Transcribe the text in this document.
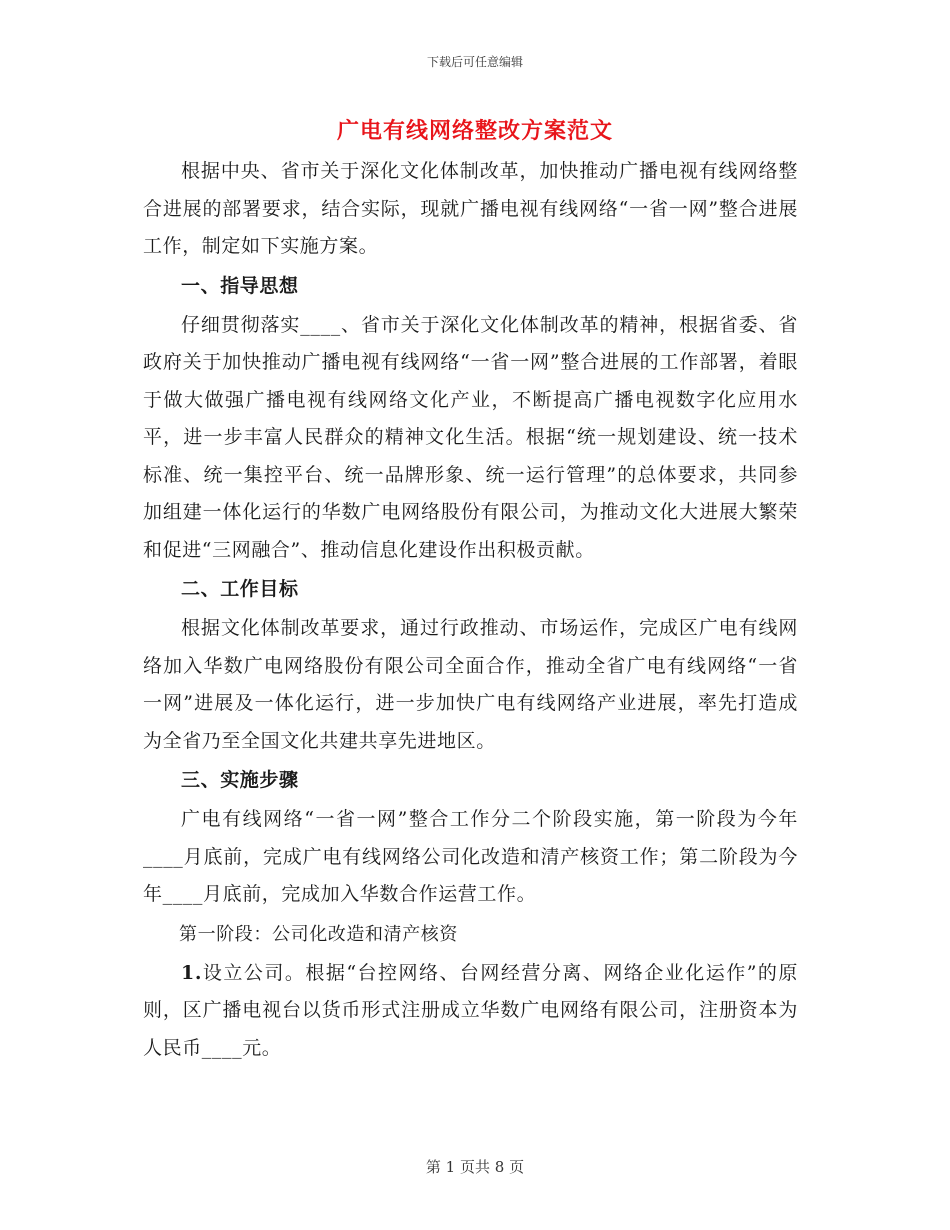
下载后可任意编辑
广电有线网络整改方案范文

根据中央、省市关于深化文化体制改革，加快推动广播电视有线网络整合进展的部署要求，结合实际，现就广播电视有线网络“一省一网”整合进展工作，制定如下实施方案。

一、指导思想

仔细贯彻落实____、省市关于深化文化体制改革的精神，根据省委、省政府关于加快推动广播电视有线网络“一省一网”整合进展的工作部署，着眼于做大做强广播电视有线网络文化产业，不断提高广播电视数字化应用水平，进一步丰富人民群众的精神文化生活。根据“统一规划建设、统一技术标准、统一集控平台、统一品牌形象、统一运行管理”的总体要求，共同参加组建一体化运行的华数广电网络股份有限公司，为推动文化大进展大繁荣和促进“三网融合”、推动信息化建设作出积极贡献。

二、工作目标

根据文化体制改革要求，通过行政推动、市场运作，完成区广电有线网络加入华数广电网络股份有限公司全面合作，推动全省广电有线网络“一省一网”进展及一体化运行，进一步加快广电有线网络产业进展，率先打造成为全省乃至全国文化共建共享先进地区。

三、实施步骤

广电有线网络“一省一网”整合工作分二个阶段实施，第一阶段为今年____月底前，完成广电有线网络公司化改造和清产核资工作；第二阶段为今年____月底前，完成加入华数合作运营工作。

第一阶段：公司化改造和清产核资

1.设立公司。根据“台控网络、台网经营分离、网络企业化运作”的原则，区广播电视台以货币形式注册成立华数广电网络有限公司，注册资本为人民币____元。

第 1 页共 8 页
